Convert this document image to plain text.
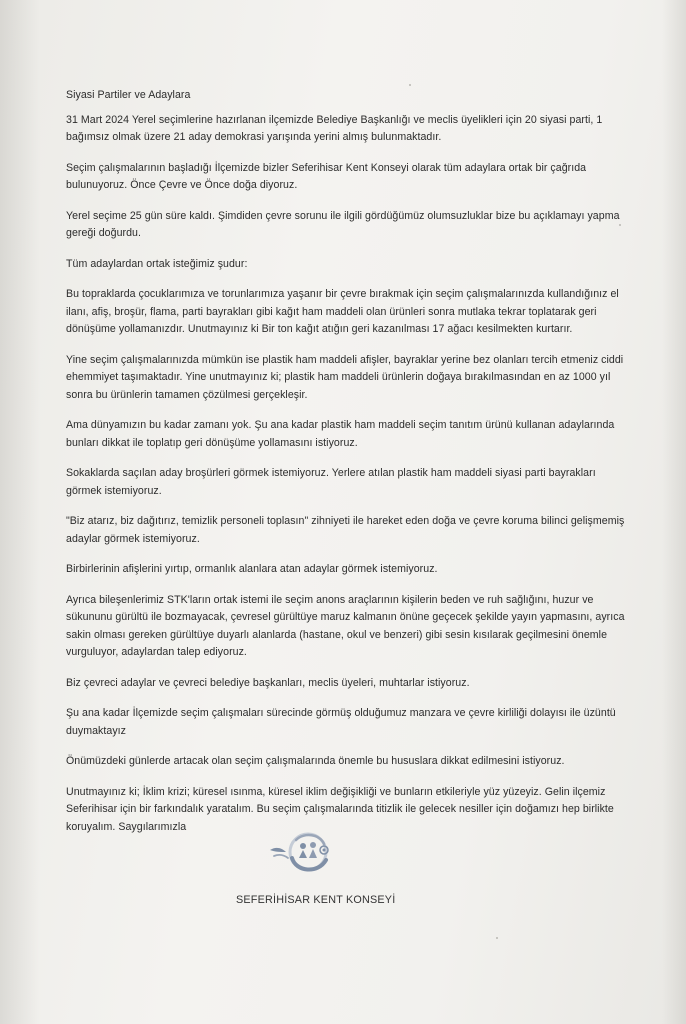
Siyasi Partiler ve Adaylara

31 Mart 2024 Yerel seçimlerine hazırlanan ilçemizde Belediye Başkanlığı ve meclis üyelikleri için 20 siyasi parti, 1 bağımsız olmak üzere 21 aday demokrasi yarışında yerini almış bulunmaktadır.

Seçim çalışmalarının başladığı İlçemizde bizler Seferihisar Kent Konseyi olarak tüm adaylara ortak bir çağrıda bulunuyoruz. Önce Çevre ve Önce doğa diyoruz.

Yerel seçime 25 gün süre kaldı. Şimdiden çevre sorunu ile ilgili gördüğümüz olumsuzluklar bize bu açıklamayı yapma gereği doğurdu.

Tüm adaylardan ortak isteğimiz şudur:

Bu topraklarda çocuklarımıza ve torunlarımıza yaşanır bir çevre bırakmak için seçim çalışmalarınızda kullandığınız el ilanı, afiş, broşür, flama, parti bayrakları gibi kağıt ham maddeli olan ürünleri sonra mutlaka tekrar toplatarak geri dönüşüme yollamanızdır. Unutmayınız ki Bir ton kağıt atığın geri kazanılması 17 ağacı kesilmekten kurtarır.

Yine seçim çalışmalarınızda mümkün ise plastik ham maddeli afişler, bayraklar yerine bez olanları tercih etmeniz ciddi ehemmiyet taşımaktadır. Yine unutmayınız ki; plastik ham maddeli ürünlerin doğaya bırakılmasından en az 1000 yıl sonra bu ürünlerin tamamen çözülmesi gerçekleşir.

Ama dünyamızın bu kadar zamanı yok. Şu ana kadar plastik ham maddeli seçim tanıtım ürünü kullanan adaylarında bunları dikkat ile toplatıp geri dönüşüme yollamasını istiyoruz.

Sokaklarda saçılan aday broşürleri görmek istemiyoruz. Yerlere atılan plastik ham maddeli siyasi parti bayrakları görmek istemiyoruz.

"Biz atarız, biz dağıtırız, temizlik personeli toplasın" zihniyeti ile hareket eden doğa ve çevre koruma bilinci gelişmemiş adaylar görmek istemiyoruz.

Birbirlerinin afişlerini yırtıp, ormanlık alanlara atan adaylar görmek istemiyoruz.

Ayrıca bileşenlerimiz STK'ların ortak istemi ile seçim anons araçlarının kişilerin beden ve ruh sağlığını, huzur ve sükununu gürültü ile bozmayacak, çevresel gürültüye maruz kalmanın önüne geçecek şekilde yayın yapmasını, ayrıca sakin olması gereken gürültüye duyarlı alanlarda (hastane, okul ve benzeri) gibi sesin kısılarak geçilmesini önemle vurguluyor, adaylardan talep ediyoruz.

Biz çevreci adaylar ve çevreci belediye başkanları, meclis üyeleri, muhtarlar istiyoruz.

Şu ana kadar İlçemizde seçim çalışmaları sürecinde görmüş olduğumuz manzara ve çevre kirliliği dolayısı ile üzüntü duymaktayız

Önümüzdeki günlerde artacak olan seçim çalışmalarında önemle bu hususlara dikkat edilmesini istiyoruz.

Unutmayınız ki; İklim krizi; küresel ısınma, küresel iklim değişikliği ve bunların etkileriyle yüz yüzeyiz. Gelin ilçemiz Seferihisar için bir farkındalık yaratalım. Bu seçim çalışmalarında titizlik ile gelecek nesiller için doğamızı hep birlikte koruyalım. Saygılarımızla

SEFERİHİSAR KENT KONSEYİ
